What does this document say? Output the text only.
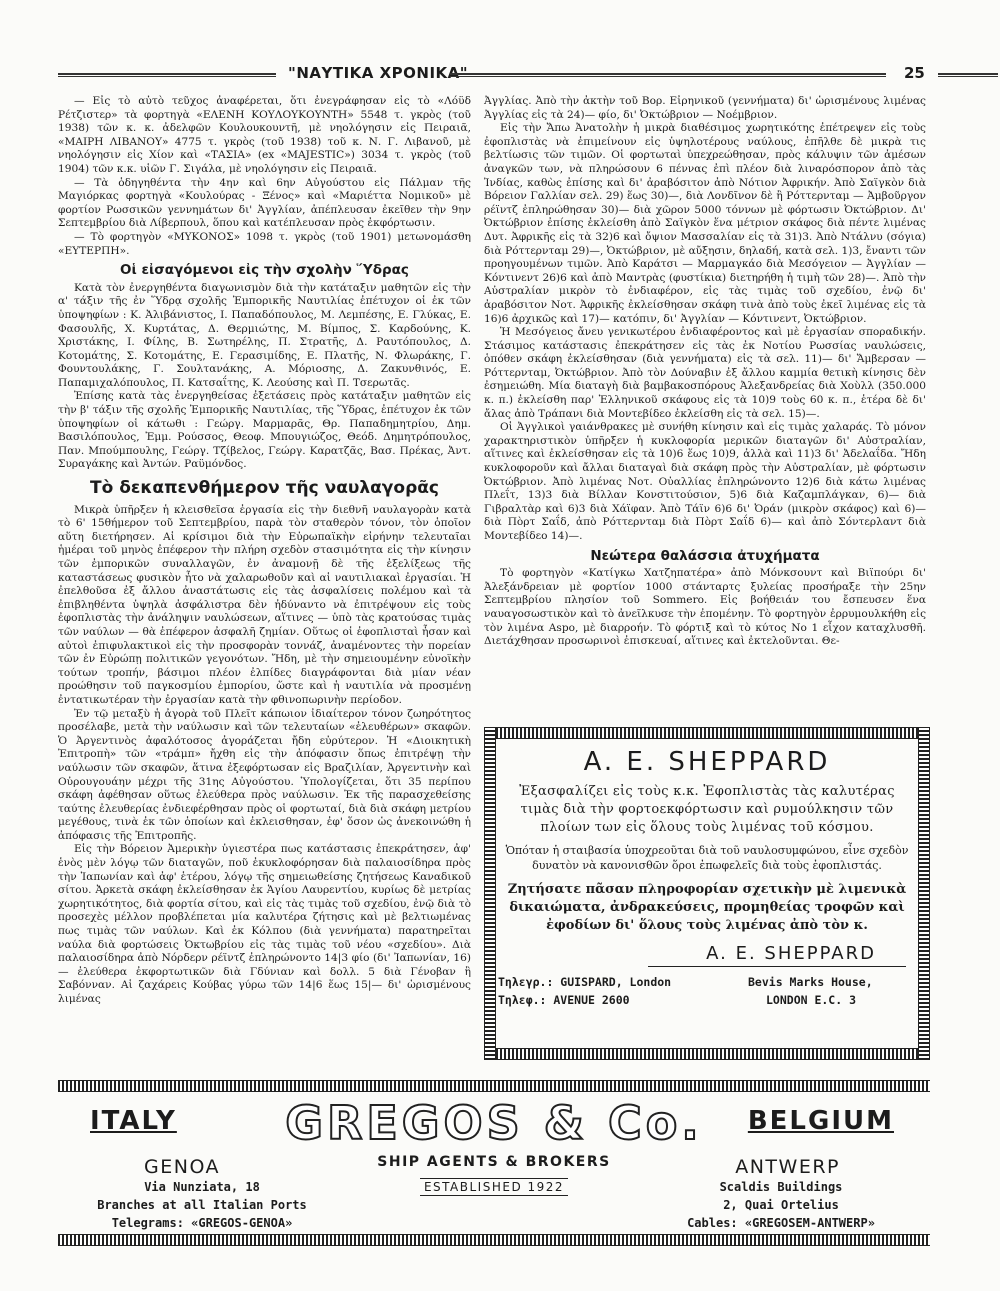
"ΝΑΥΤΙΚΑ ΧΡΟΝΙΚΑ"	25

— Εἰς τὸ αὐτὸ τεῦχος ἀναφέρεται, ὅτι ἐνεγράφησαν εἰς τὸ «Λόϋδ Ρέτζιστερ» τὰ φορτηγὰ «ΕΛΕΝΗ ΚΟΥΛΟΥΚΟΥΝΤΗ» 5548 τ. γκρὸς (τοῦ 1938) τῶν κ. κ. ἀδελφῶν Κουλουκουντῆ, μὲ νηολόγησιν εἰς Πειραιᾶ, «ΜΑΙΡΗ ΛΙΒΑΝΟΥ» 4775 τ. γκρὸς (τοῦ 1938) τοῦ κ. Ν. Γ. Λιβανοῦ, μὲ νηολόγησιν εἰς Χίον καὶ «ΤΑΣΙΑ» (ex «MAJESTIC») 3034 τ. γκρὸς (τοῦ 1904) τῶν κ.κ. υἱῶν Γ. Σιγάλα, μὲ νηολόγησιν εἰς Πειραιᾶ.

— Τὰ ὁδηγηθέντα τὴν 4ην καὶ 6ην Αὐγούστου εἰς Πάλμαν τῆς Μαγιόρκας φορτηγὰ «Κουλούρας - Ξένος» καὶ «Μαριέττα Νομικοῦ» μὲ φορτίον Ρωσσικῶν γεννημάτων δι' Ἀγγλίαν, ἀπέπλευσαν ἐκεῖθεν τὴν 9ην Σεπτεμβρίου διὰ Λίβερπουλ, ὅπου καὶ κατέπλευσαν πρὸς ἐκφόρτωσιν.

— Τὸ φορτηγὸν «ΜΥΚΟΝΟΣ» 1098 τ. γκρὸς (τοῦ 1901) μετωνομάσθη «ΕΥΤΕΡΠΗ».

Οἱ εἰσαγόμενοι εἰς τὴν σχολὴν Ὕδρας

Κατὰ τὸν ἐνεργηθέντα διαγωνισμὸν διὰ τὴν κατάταξιν μαθητῶν εἰς τὴν α' τάξιν τῆς ἐν Ὕδρᾳ σχολῆς Ἐμπορικῆς Ναυτιλίας ἐπέτυχον οἱ ἐκ τῶν ὑποψηφίων : Κ. Ἀλιβάνιστος, Ι. Παπαδόπουλος, Μ. Λεμπέσης, Ε. Γλύκας, Ε. Φασουλῆς, Χ. Κυρτάτας, Δ. Θερμιώτης, Μ. Βίμπος, Σ. Καρδούνης, Κ. Χριστάκης, Ι. Φίλης, Β. Σωτηρέλης, Π. Στρατῆς, Δ. Ραυτόπουλος, Δ. Κοτομάτης, Σ. Κοτομάτης, Ε. Γερασιμίδης, Ε. Πλατῆς, Ν. Φλωράκης, Γ. Φουντουλάκης, Γ. Σουλτανάκης, Α. Μόριοσης, Δ. Ζακυνθινός, Ε. Παπαμιχαλόπουλος, Π. Κατσαΐτης, Κ. Λεούσης καὶ Π. Τσερωτᾶς.

Ἐπίσης κατὰ τὰς ἐνεργηθείσας ἐξετάσεις πρὸς κατάταξιν μαθητῶν εἰς τὴν β' τάξιν τῆς σχολῆς Ἐμπορικῆς Ναυτιλίας, τῆς Ὕδρας, ἐπέτυχον ἐκ τῶν ὑποψηφίων οἱ κάτωθι : Γεώργ. Μαρμαρᾶς, Θρ. Παπαδημητρίου, Δημ. Βασιλόπουλος, Ἐμμ. Ρούσσος, Θεοφ. Μπουγιώζος, Θεόδ. Δημητρόπουλος, Παν. Μπούμπουλης, Γεώργ. Τζίβελος, Γεώργ. Καρατζᾶς, Βασ. Πρέκας, Ἀντ. Συραγάκης καὶ Ἀντών. Ραϋμόνδος.

Τὸ δεκαπενθήμερον τῆς ναυλαγορᾶς

Μικρὰ ὑπῆρξεν ἡ κλεισθεῖσα ἐργασία εἰς τὴν διεθνῆ ναυλαγορὰν κατὰ τὸ 6' 15θήμερον τοῦ Σεπτεμβρίου, παρὰ τὸν σταθερὸν τόνον, τὸν ὁποῖον αὕτη διετήρησεν. Αἱ κρίσιμοι διὰ τὴν Εὐρωπαϊκὴν εἰρήνην τελευταῖαι ἡμέραι τοῦ μηνὸς ἐπέφερον τὴν πλήρη σχεδὸν στασιμότητα εἰς τὴν κίνησιν τῶν ἐμπορικῶν συναλλαγῶν, ἐν ἀναμονῇ δὲ τῆς ἐξελίξεως τῆς καταστάσεως φυσικὸν ἦτο νὰ χαλαρωθοῦν καὶ αἱ ναυτιλιακαὶ ἐργασίαι. Ἡ ἐπελθοῦσα ἐξ ἄλλου ἀναστάτωσις εἰς τὰς ἀσφαλίσεις πολέμου καὶ τὰ ἐπιβληθέντα ὑψηλὰ ἀσφάλιστρα δὲν ἠδύναντο νὰ ἐπιτρέψουν εἰς τοὺς ἐφοπλιστὰς τὴν ἀνάληψιν ναυλώσεων, αἵτινες — ὑπὸ τὰς κρατούσας τιμὰς τῶν ναύλων — θὰ ἐπέφερον ἀσφαλῆ ζημίαν. Οὕτως οἱ ἐφοπλισταὶ ἦσαν καὶ αὐτοὶ ἐπιφυλακτικοὶ εἰς τὴν προσφορὰν τοννάζ, ἀναμένοντες τὴν πορείαν τῶν ἐν Εὐρώπῃ πολιτικῶν γεγονότων. Ἤδη, μὲ τὴν σημειουμένην εὐνοϊκὴν τούτων τροπήν, βάσιμοι πλέον ἐλπίδες διαγράφονται διὰ μίαν νέαν προώθησιν τοῦ παγκοσμίου ἐμπορίου, ὥστε καὶ ἡ ναυτιλία νὰ προσμένῃ ἐντατικωτέραν τὴν ἐργασίαν κατὰ τὴν φθινοπωρινὴν περίοδον.

Ἐν τῷ μεταξὺ ἡ ἀγορὰ τοῦ Πλεῖτ κάπωιον ἰδιαίτερον τόνον ζωηρότητος προσέλαβε, μετὰ τὴν ναύλωσιν καὶ τῶν τελευταίων «ἐλευθέρων» σκαφῶν. Ὁ Ἀργεντινὸς ἀφαλότοσος ἀγοράζεται ἤδη εὐρύτερον. Ἡ «Διοικητικὴ Ἐπιτροπὴ» τῶν «τράμπ» ἤχθη εἰς τὴν ἀπόφασιν ὅπως ἐπιτρέψῃ τὴν ναύλωσιν τῶν σκαφῶν, ἅτινα ἐξεφόρτωσαν εἰς Βραζιλίαν, Ἀργεντινὴν καὶ Οὐρουγουάην μέχρι τῆς 31ης Αὐγούστου. Ὑπολογίζεται, ὅτι 35 περίπου σκάφη ἀφέθησαν οὕτως ἐλεύθερα πρὸς ναύλωσιν. Ἐκ τῆς παρασχεθείσης ταύτης ἐλευθερίας ἐνδιεφέρθησαν πρὸς οἱ φορτωταί, διὰ διὰ σκάφη μετρίου μεγέθους, τινὰ ἐκ τῶν ὁποίων καὶ ἐκλεισθησαν, ἐφ' ὅσον ὡς ἀνεκοινώθη ἡ ἀπόφασις τῆς Ἐπιτροπῆς.

Εἰς τὴν Βόρειον Ἀμερικὴν ὑγιεστέρα πως κατάστασις ἐπεκράτησεν, ἀφ' ἑνὸς μὲν λόγῳ τῶν διαταγῶν, ποῦ ἐκυκλοφόρησαν διὰ παλαιοσίδηρα πρὸς τὴν Ἰαπωνίαν καὶ ἀφ' ἑτέρου, λόγῳ τῆς σημειωθείσης ζητήσεως Καναδικοῦ σίτου. Ἀρκετὰ σκάφη ἐκλείσθησαν ἐκ Ἁγίου Λαυρεντίου, κυρίως δὲ μετρίας χωρητικότητος, διὰ φορτία σίτου, καὶ εἰς τὰς τιμὰς τοῦ σχεδίου, ἐνῷ διὰ τὸ προσεχὲς μέλλον προβλέπεται μία καλυτέρα ζήτησις καὶ μὲ βελτιωμένας πως τιμὰς τῶν ναύλων. Καὶ ἐκ Κόλπου (διὰ γεννήματα) παρατηρεῖται ναύλα διὰ φορτώσεις Ὀκτωβρίου εἰς τὰς τιμὰς τοῦ νέου «σχεδίου». Διὰ παλαιοσίδηρα ἀπὸ Νόρδερν ρέϊντζ ἐπληρώνοντο 14|3 φίο (δι' Ἰαπωνίαν, 16)— ἐλεύθερα ἐκφορτωτικῶν διὰ Γδύνιαν καὶ δολλ. 5 διὰ Γένοβαν ἢ Σαβόνναν. Αἱ ζαχάρεις Κούβας γύρω τῶν 14|6 ἕως 15|— δι' ὡρισμένους λιμένας

Ἀγγλίας. Ἀπὸ τὴν ἀκτὴν τοῦ Βορ. Εἰρηνικοῦ (γεννήματα) δι' ὡρισμένους λιμένας Ἀγγλίας εἰς τὰ 24)— φίο, δι' Ὀκτώβριον — Νοέμβριον.

Εἰς τὴν Ἄπω Ἀνατολὴν ἡ μικρὰ διαθέσιμος χωρητικότης ἐπέτρεψεν εἰς τοὺς ἐφοπλιστὰς νὰ ἐπιμείνουν εἰς ὑψηλοτέρους ναύλους, ἐπῆλθε δὲ μικρὰ τις βελτίωσις τῶν τιμῶν. Οἱ φορτωταὶ ὑπεχρεώθησαν, πρὸς κάλυψιν τῶν ἀμέσων ἀναγκῶν των, νὰ πληρώσουν 6 πέννας ἐπὶ πλέον διὰ λιναρόσπορον ἀπὸ τὰς Ἰνδίας, καθὼς ἐπίσης καὶ δι' ἀραβόσιτον ἀπὸ Νότιον Ἀφρικήν. Ἀπὸ Σαϊγκὸν διὰ Βόρειον Γαλλίαν σελ. 29) ἕως 30)—, διὰ Λονδῖνον δὲ ἢ Ρόττερνταμ — Ἀμβοῦργον ρέϊντζ ἐπληρώθησαν 30)— διὰ χῶρον 5000 τόννων μὲ φόρτωσιν Ὀκτώβριον. Δι' Ὀκτώβριον ἐπίσης ἐκλείσθη ἀπὸ Σαϊγκὸν ἕνα μέτριον σκάφος διὰ πέντε λιμένας Δυτ. Ἀφρικῆς εἰς τὰ 32)6 καὶ ὄψιον Μασσαλίαν εἰς τὰ 31)3. Ἀπὸ Ντάλνυ (σόγια) διὰ Ρόττερνταμ 29)—, Ὀκτώβριον, μὲ αὔξησιν, δηλαδή, κατὰ σελ. 1)3, ἔναντι τῶν προηγουμένων τιμῶν. Ἀπὸ Καράτσι — Μαρμαγκάο διὰ Μεσόγειον — Ἀγγλίαν — Κόντινεντ 26)6 καὶ ἀπὸ Μαντρὰς (φυστίκια) διετηρήθη ἡ τιμὴ τῶν 28)—. Ἀπὸ τὴν Αὐστραλίαν μικρὸν τὸ ἐνδιαφέρον, εἰς τὰς τιμὰς τοῦ σχεδίου, ἐνῷ δι' ἀραβόσιτον Νοτ. Ἀφρικῆς ἐκλείσθησαν σκάφη τινὰ ἀπὸ τοὺς ἐκεῖ λιμένας εἰς τὰ 16)6 ἀρχικῶς καὶ 17)— κατόπιν, δι' Ἀγγλίαν — Κόντινεντ, Ὀκτώβριον.

Ἡ Μεσόγειος ἄνευ γενικωτέρου ἐνδιαφέροντος καὶ μὲ ἐργασίαν σποραδικήν. Στάσιμος κατάστασις ἐπεκράτησεν εἰς τὰς ἐκ Νοτίου Ρωσσίας ναυλώσεις, ὁπόθεν σκάφη ἐκλείσθησαν (διὰ γεννήματα) εἰς τὰ σελ. 11)— δι' Ἄμβερσαν — Ρόττερνταμ, Ὀκτώβριον. Ἀπὸ τὸν Δούναβιν ἐξ ἄλλου καμμία θετικὴ κίνησις δὲν ἐσημειώθη. Μία διαταγὴ διὰ βαμβακοσπόρους Ἀλεξανδρείας διὰ Χοὺλλ (350.000 κ. π.) ἐκλείσθη παρ' Ἑλληνικοῦ σκάφους εἰς τὰ 10)9 τοὺς 60 κ. π., ἑτέρα δὲ δι' ἄλας ἀπὸ Τράπανι διὰ Μοντεβίδεο ἐκλείσθη εἰς τὰ σελ. 15)—.

Οἱ Ἀγγλικοὶ γαιάνθρακες μὲ συνήθη κίνησιν καὶ εἰς τιμὰς χαλαράς. Τὸ μόνον χαρακτηριστικὸν ὑπῆρξεν ἡ κυκλοφορία μερικῶν διαταγῶν δι' Αὐστραλίαν, αἵτινες καὶ ἐκλείσθησαν εἰς τὰ 10)6 ἕως 10)9, ἀλλὰ καὶ 11)3 δι' Ἀδελαΐδα. Ἤδη κυκλοφοροῦν καὶ ἄλλαι διαταγαὶ διὰ σκάφη πρὸς τὴν Αὐστραλίαν, μὲ φόρτωσιν Ὀκτώβριον. Ἀπὸ λιμένας Νοτ. Οὐαλλίας ἐπληρώνοντο 12)6 διὰ κάτω λιμένας Πλεΐτ, 13)3 διὰ Βίλλαν Κονστιτούσιον, 5)6 διὰ Καζαμπλάγκαν, 6)— διὰ Γιβραλτὰρ καὶ 6)3 διὰ Χάϊφαν. Ἀπὸ Τάϊν 6)6 δι' Ὀράν (μικρὸν σκάφος) καὶ 6)— διὰ Πὸρτ Σαΐδ, ἀπὸ Ρόττερνταμ διὰ Πὸρτ Σαΐδ 6)— καὶ ἀπὸ Σόντερλαντ διὰ Μοντεβίδεο 14)—.

Νεώτερα θαλάσσια ἀτυχήματα

Τὸ φορτηγὸν «Κατίγκω Χατζηπατέρα» ἀπὸ Μόνκσουντ καὶ Βιϊπούρι δι' Ἀλεξάνδρειαν μὲ φορτίον 1000 στάνταρτς ξυλείας προσήραξε τὴν 25ην Σεπτεμβρίου πλησίον τοῦ Sommero. Εἰς βοήθειάν του ἔσπευσεν ἕνα ναυαγοσωστικὸν καὶ τὸ ἀνεῖλκυσε τὴν ἐπομένην. Τὸ φορτηγὸν ἐρρυμουλκήθη εἰς τὸν λιμένα Aspo, μὲ διαρροήν. Τὸ φόρτιξ καὶ τὸ κύτος Νο 1 εἶχον καταχλυσθῆ. Διετάχθησαν προσωρινοὶ ἐπισκευαί, αἵτινες καὶ ἐκτελοῦνται. Θε-

A. E. SHEPPARD
Ἐξασφαλίζει εἰς τοὺς κ.κ. Ἐφοπλιστὰς τὰς καλυτέρας τιμὰς διὰ τὴν φορτοεκφόρτωσιν καὶ ρυμούλκησιν τῶν πλοίων των εἰς ὅλους τοὺς λιμένας τοῦ κόσμου.
Ὁπόταν ἡ σταιβασία ὑποχρεοῦται διὰ τοῦ ναυλοσυμφώνου, εἶνε σχεδὸν δυνατὸν νὰ κανονισθῶν ὅροι ἐπωφελεῖς διὰ τοὺς ἐφοπλιστάς.
Ζητήσατε πᾶσαν πληροφορίαν σχετικὴν μὲ λιμενικὰ δικαιώματα, ἀνδρακεύσεις, προμηθείας τροφῶν καὶ ἐφοδίων δι' ὅλους τοὺς λιμένας ἀπὸ τὸν κ.
A. E. SHEPPARD
Τηλεγρ.: GUISPARD, London	Bevis Marks House,
Τηλεφ.: AVENUE 2600	LONDON E.C. 3
ITALY	BELGIUM
GREGOS & Co.
SHIP AGENTS & BROKERS
ESTABLISHED 1922
GENOA	ANTWERP
Via Nunziata, 18
Branches at all Italian Ports
Telegrams: «GREGOS-GENOA»
Scaldis Buildings
2, Quai Ortelius
Cables: «GREGOSEM-ANTWERP»
